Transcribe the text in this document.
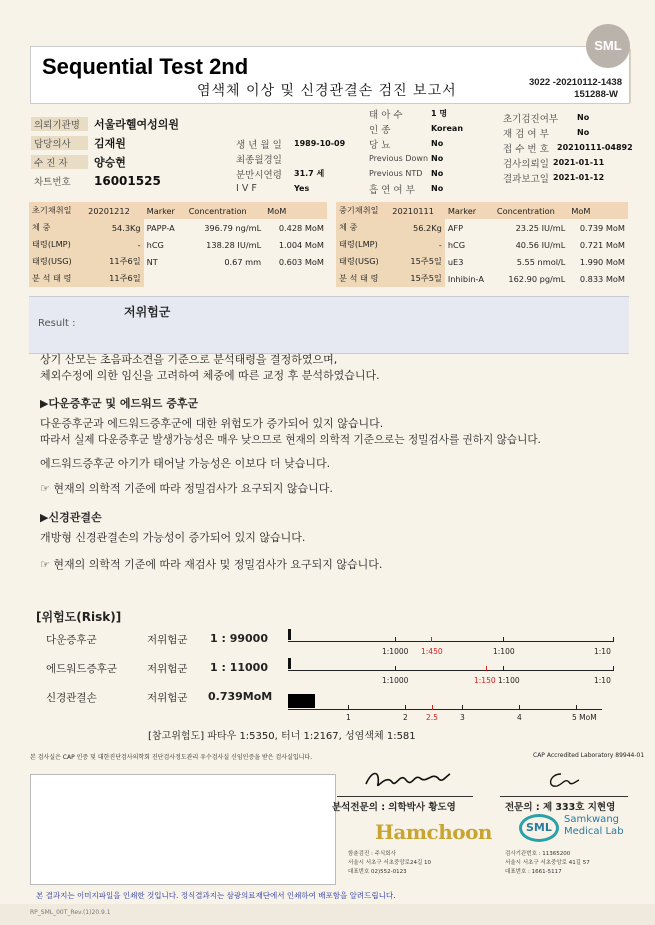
Sequential Test 2nd
염색체 이상 및 신경관결손 검진 보고서
3022 -20210112-1438
151288-W
SML
의뢰기관명	서울라헬여성의원
담당의사	김재원
수 진 자	양승현
차트번호	16001525
생 년 월 일	1989-10-09
최종월경일
분만시연령	31.7 세
I V F	Yes
태 아 수	1 명
인 종	Korean
당 뇨	No
Previous Down No
Previous NTD	No
흡 연 여 부	No
초기검진여부	No
재 검 여 부	No
접 수 번 호	20210111-04892
검사의뢰일 2021-01-11
결과보고일 2021-01-12
초기채취일	20201212	Marker	Concentration	MoM
체 중	54.3Kg	PAPP-A	396.79 ng/mL	0.428 MoM
태령(LMP)	-	hCG	138.28 IU/mL	1.004 MoM
태령(USG)	11주6일	NT	0.67 mm	0.603 MoM
분 석 태 령	11주6일			
중기채취일	20210111	Marker	Concentration	MoM
체 중	56.2Kg	AFP	23.25 IU/mL	0.739 MoM
태령(LMP)	-	hCG	40.56 IU/mL	0.721 MoM
태령(USG)	15주5일	uE3	5.55 nmol/L	1.990 MoM
분 석 태 령	15주5일	Inhibin-A	162.90 pg/mL	0.833 MoM
Result :
저위험군
상기 산모는 초음파소견을 기준으로 분석태령을 결정하였으며,
체외수정에 의한 임신을 고려하여 체중에 따른 교정 후 분석하였습니다.
▶다운증후군 및 에드워드 증후군
다운증후군과 에드워드증후군에 대한 위험도가 증가되어 있지 않습니다.
따라서 실제 다운증후군 발생가능성은 매우 낮으므로 현재의 의학적 기준으로는 정밀검사를 권하지 않습니다.
에드워드증후군 아기가 태어날 가능성은 이보다 더 낮습니다.
☞ 현재의 의학적 기준에 따라 정밀검사가 요구되지 않습니다.
▶신경관결손
개방형 신경관결손의 가능성이 증가되어 있지 않습니다.
☞ 현재의 의학적 기준에 따라 재검사 및 정밀검사가 요구되지 않습니다.
[위험도(Risk)]
다운증후군	저위험군 1 : 99000
에드워드증후군	저위험군 1 : 11000
신경관결손	저위험군 0.739MoM
1:1000 1:450	1:100	1:10
1:1000	1:150 1:100	1:10
1	2 2.5	3	4	5 MoM
[참고위험도] 파타우 1:5350, 터너 1:2167, 성염색체 1:581
본 검사실은 CAP 인증 및 대한진단검사의학회 진단검사정도관리 우수검사실 신임인증을 받은 검사실입니다.	CAP Accredited Laboratory 89944-01
분석전문의 : 의학박사 황도영	전문의 : 제 333호 지현영
Hamchoon	SML
Samkwang
Medical Lab
함춘검진 : 주식회사
서울시 서초구 서초중앙로24길 10
대표번호 02)552-0123
검사기관번호 : 11365200
서울시 서초구 서초중앙로 41길 57
대표번호 : 1661-5117
본 결과지는 이미지파일을 인쇄한 것입니다. 정식결과지는 삼광의료재단에서 인쇄하여 배포함을 알려드립니다.
RP_SML_00T_Rev.(1)20.9.1
